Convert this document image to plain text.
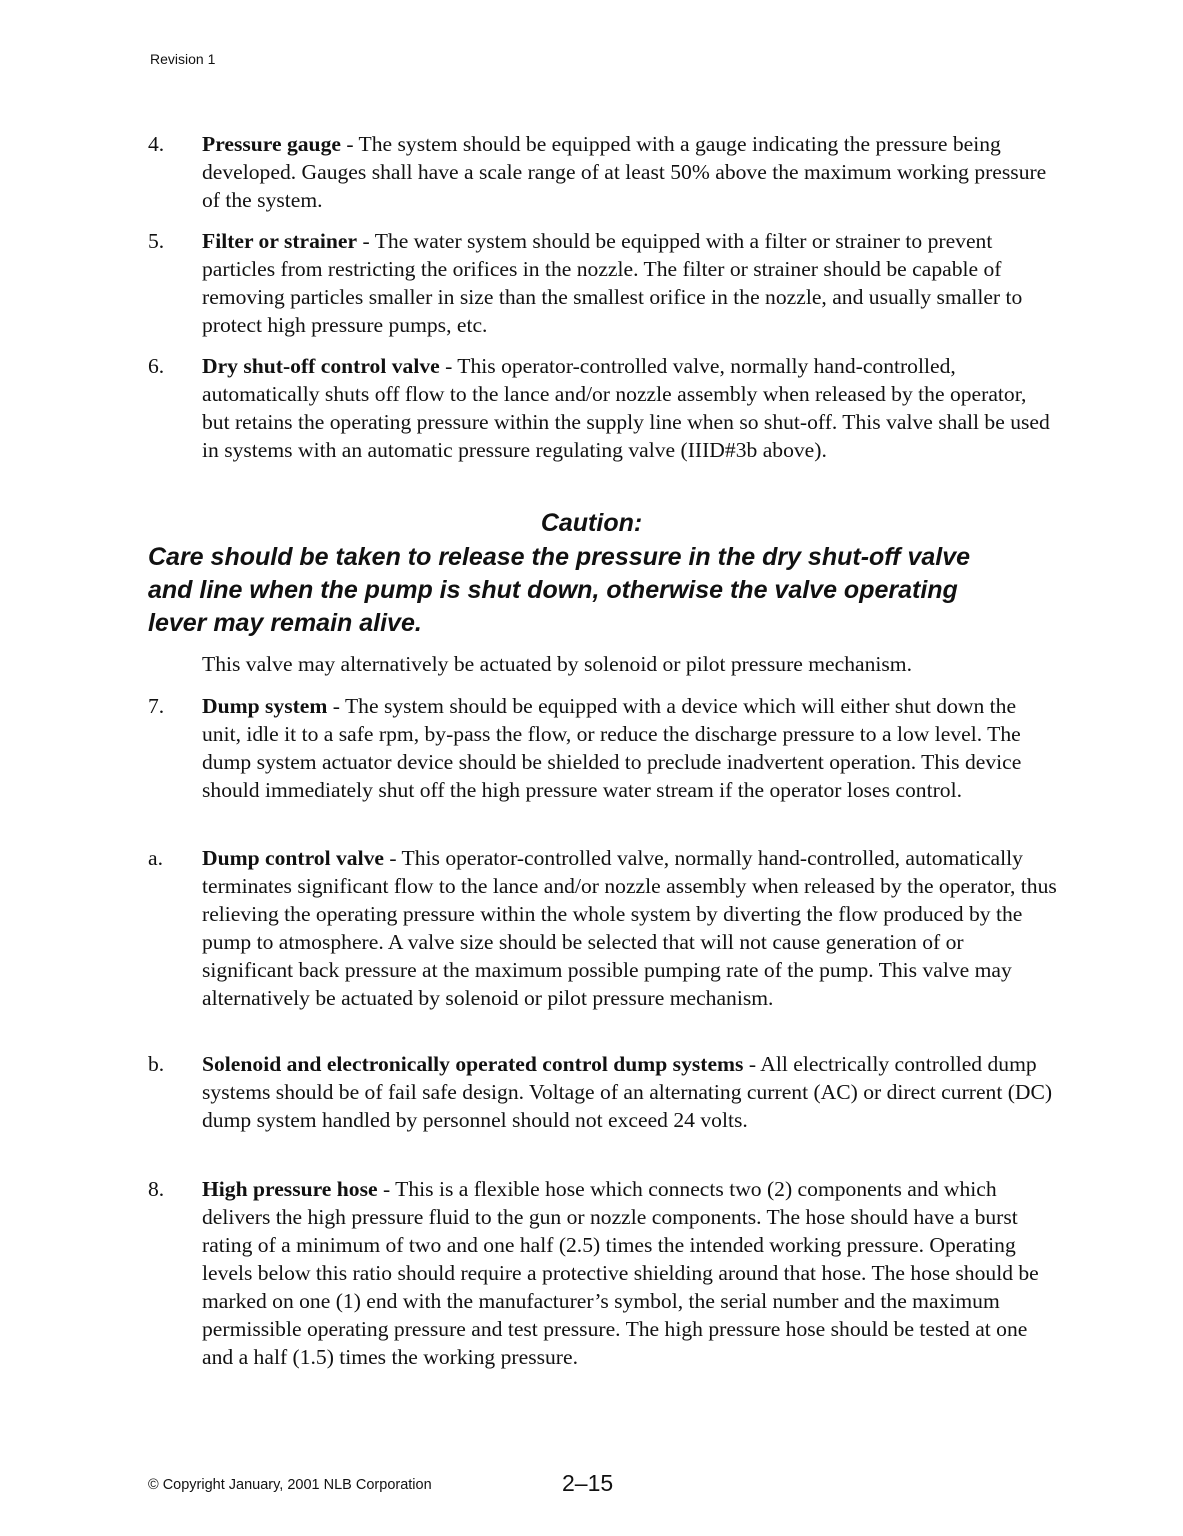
Revision 1
4. Pressure gauge - The system should be equipped with a gauge indicating the pressure being developed. Gauges shall have a scale range of at least 50% above the maximum working pressure of the system.
5. Filter or strainer - The water system should be equipped with a filter or strainer to prevent particles from restricting the orifices in the nozzle. The filter or strainer should be capable of removing particles smaller in size than the smallest orifice in the nozzle, and usually smaller to protect high pressure pumps, etc.
6. Dry shut-off control valve - This operator-controlled valve, normally hand-controlled, automatically shuts off flow to the lance and/or nozzle assembly when released by the operator, but retains the operating pressure within the supply line when so shut-off. This valve shall be used in systems with an automatic pressure regulating valve (IIID#3b above).
Caution:
Care should be taken to release the pressure in the dry shut-off valve and line when the pump is shut down, otherwise the valve operating lever may remain alive.
This valve may alternatively be actuated by solenoid or pilot pressure mechanism.
7. Dump system - The system should be equipped with a device which will either shut down the unit, idle it to a safe rpm, by-pass the flow, or reduce the discharge pressure to a low level. The dump system actuator device should be shielded to preclude inadvertent operation. This device should immediately shut off the high pressure water stream if the operator loses control.
a. Dump control valve - This operator-controlled valve, normally hand-controlled, automatically terminates significant flow to the lance and/or nozzle assembly when released by the operator, thus relieving the operating pressure within the whole system by diverting the flow produced by the pump to atmosphere. A valve size should be selected that will not cause generation of or significant back pressure at the maximum possible pumping rate of the pump. This valve may alternatively be actuated by solenoid or pilot pressure mechanism.
b. Solenoid and electronically operated control dump systems - All electrically controlled dump systems should be of fail safe design. Voltage of an alternating current (AC) or direct current (DC) dump system handled by personnel should not exceed 24 volts.
8. High pressure hose - This is a flexible hose which connects two (2) components and which delivers the high pressure fluid to the gun or nozzle components. The hose should have a burst rating of a minimum of two and one half (2.5) times the intended working pressure. Operating levels below this ratio should require a protective shielding around that hose. The hose should be marked on one (1) end with the manufacturer’s symbol, the serial number and the maximum permissible operating pressure and test pressure. The high pressure hose should be tested at one and a half (1.5) times the working pressure.
© Copyright January, 2001 NLB Corporation	2–15
